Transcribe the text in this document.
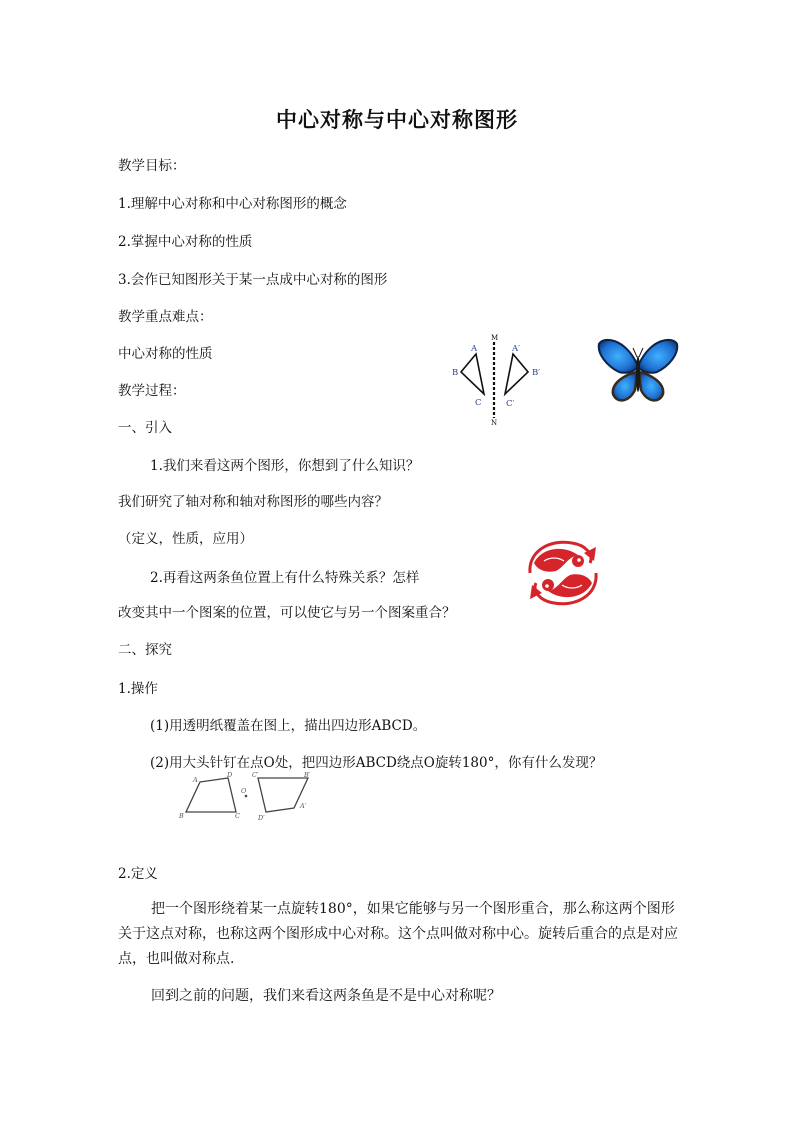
中心对称与中心对称图形
教学目标：
1.理解中心对称和中心对称图形的概念
2.掌握中心对称的性质
3.会作已知图形关于某一点成中心对称的图形
教学重点难点：
中心对称的性质
教学过程：
一、引入
1.我们来看这两个图形，你想到了什么知识？
我们研究了轴对称和轴对称图形的哪些内容？
（定义，性质，应用）
2.再看这两条鱼位置上有什么特殊关系？怎样
改变其中一个图案的位置，可以使它与另一个图案重合？
二、探究
1.操作
(1)用透明纸覆盖在图上，描出四边形ABCD。
(2)用大头针钉在点O处，把四边形ABCD绕点O旋转180°，你有什么发现？
2.定义
把一个图形绕着某一点旋转180°，如果它能够与另一个图形重合，那么称这两个图形关于这点对称，也称这两个图形成中心对称。这个点叫做对称中心。旋转后重合的点是对应点，也叫做对称点.
回到之前的问题，我们来看这两条鱼是不是中心对称呢？
M
N
A
B
C
A′
B′
C′
A
D
B	C
O
C′	B′
A′
D′
